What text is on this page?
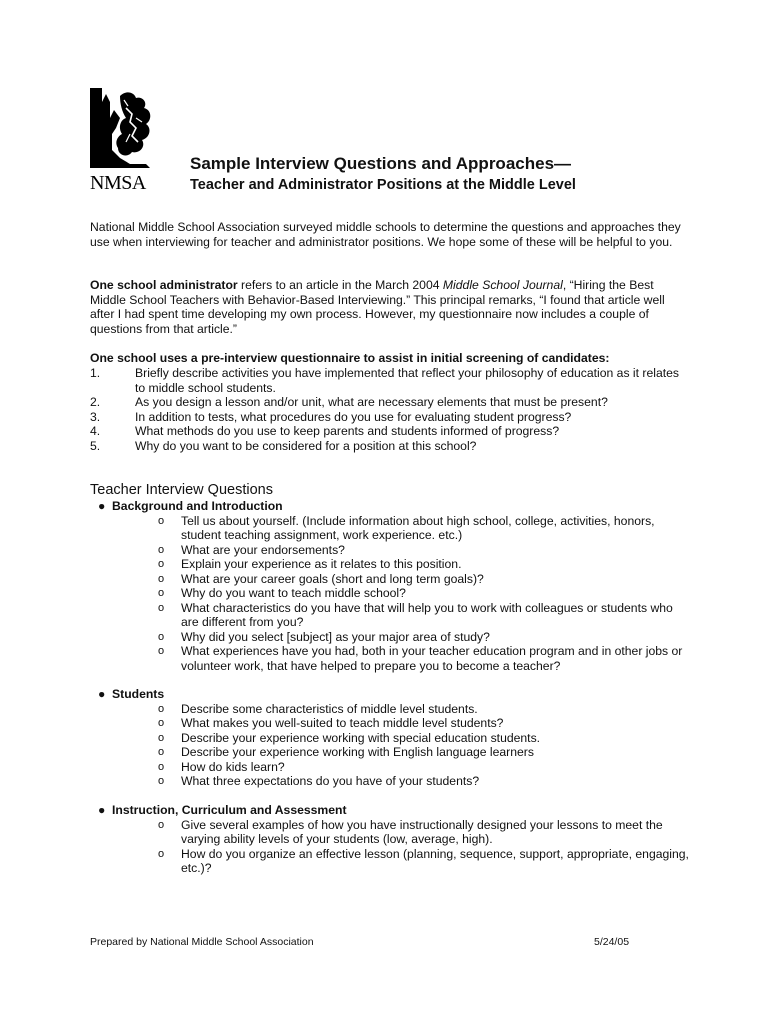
NMSA
Sample Interview Questions and Approaches—
Teacher and Administrator Positions at the Middle Level
National Middle School Association surveyed middle schools to determine the questions and approaches they use when interviewing for teacher and administrator positions. We hope some of these will be helpful to you.
One school administrator refers to an article in the March 2004 Middle School Journal, “Hiring the Best Middle School Teachers with Behavior-Based Interviewing.” This principal remarks, “I found that article well after I had spent time developing my own process. However, my questionnaire now includes a couple of questions from that article.”
One school uses a pre-interview questionnaire to assist in initial screening of candidates:
1.	Briefly describe activities you have implemented that reflect your philosophy of education as it relates to middle school students.
2.	As you design a lesson and/or unit, what are necessary elements that must be present?
3.	In addition to tests, what procedures do you use for evaluating student progress?
4.	What methods do you use to keep parents and students informed of progress?
5.	Why do you want to be considered for a position at this school?
Teacher Interview Questions
● Background and Introduction
o Tell us about yourself. (Include information about high school, college, activities, honors, student teaching assignment, work experience. etc.)
o What are your endorsements?
o Explain your experience as it relates to this position.
o What are your career goals (short and long term goals)?
o Why do you want to teach middle school?
o What characteristics do you have that will help you to work with colleagues or students who are different from you?
o Why did you select [subject] as your major area of study?
o What experiences have you had, both in your teacher education program and in other jobs or volunteer work, that have helped to prepare you to become a teacher?
● Students
o Describe some characteristics of middle level students.
o What makes you well-suited to teach middle level students?
o Describe your experience working with special education students.
o Describe your experience working with English language learners
o How do kids learn?
o What three expectations do you have of your students?
● Instruction, Curriculum and Assessment
o Give several examples of how you have instructionally designed your lessons to meet the varying ability levels of your students (low, average, high).
o How do you organize an effective lesson (planning, sequence, support, appropriate, engaging, etc.)?
Prepared by National Middle School Association	5/24/05
